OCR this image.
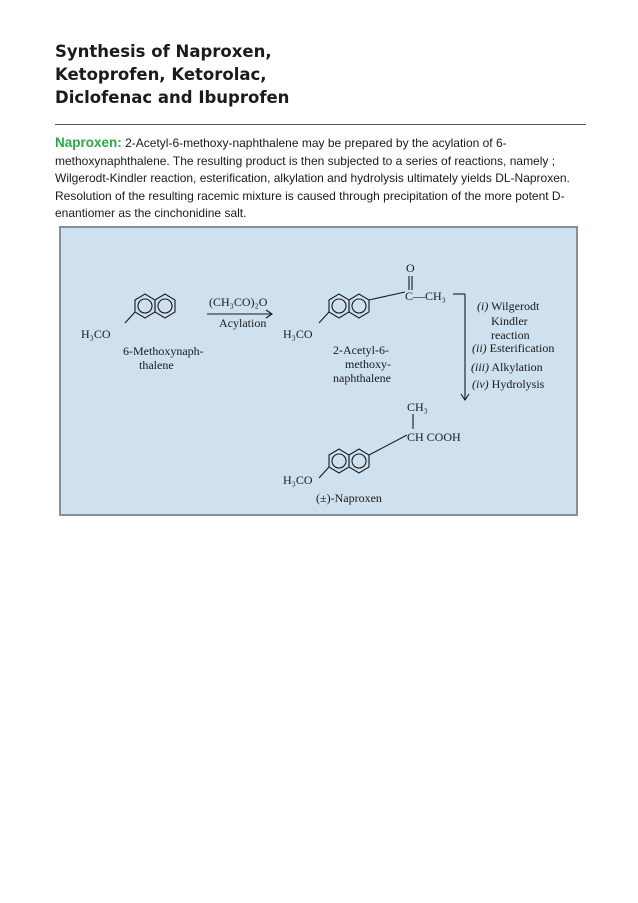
Synthesis of Naproxen,
Ketoprofen, Ketorolac,
Diclofenac and Ibuprofen

Naproxen: 2-Acetyl-6-methoxy-naphthalene may be prepared by the acylation of 6-methoxynaphthalene. The resulting product is then subjected to a series of reactions, namely ; Wilgerodt-Kindler reaction, esterification, alkylation and hydrolysis ultimately yields DL-Naproxen. Resolution of the resulting racemic mixture is caused through precipitation of the more potent D-enantiomer as the cinchonidine salt.

H₃CO
6-Methoxynaph-
thalene
(CH₃CO)₂O
Acylation
H₃CO
O
C—CH₃
2-Acetyl-6-
methoxy-
naphthalene
(i) Wilgerodt
Kindler
reaction
(ii) Esterification
(iii) Alkylation
(iv) Hydrolysis
CH₃
CH COOH
H₃CO
(±)-Naproxen
